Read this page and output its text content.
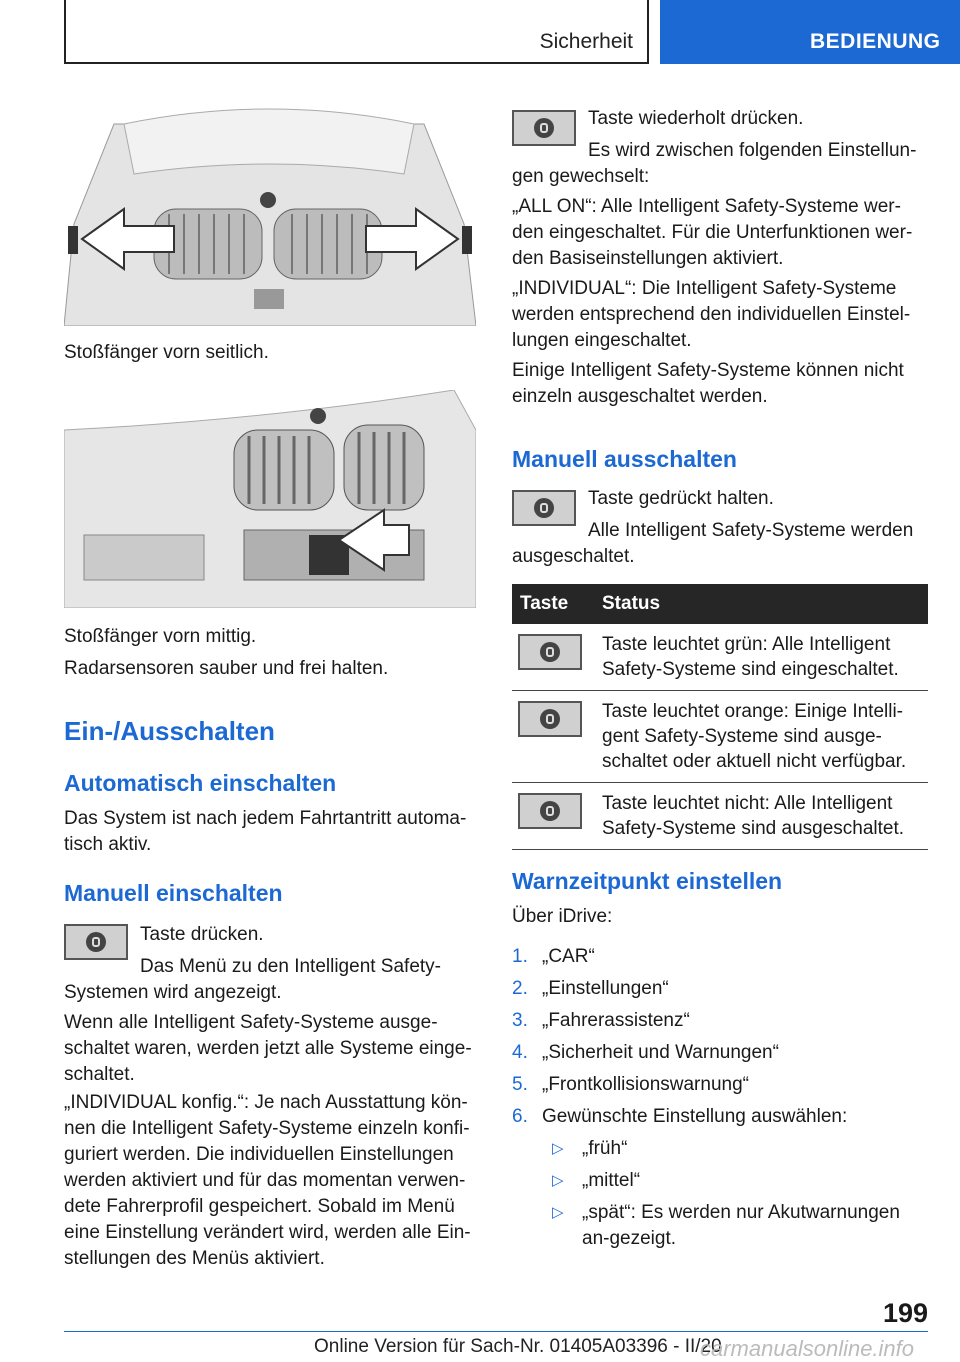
Sicherheit	BEDIENUNG

Stoßfänger vorn seitlich.

Stoßfänger vorn mittig.

Radarsensoren sauber und frei halten.

Ein-/Ausschalten
Automatisch einschalten

Das System ist nach jedem Fahrtantritt automa-tisch aktiv.

Manuell einschalten

Taste drücken.

Das Menü zu den Intelligent Safety-Systemen wird angezeigt.

Wenn alle Intelligent Safety-Systeme ausge-schaltet waren, werden jetzt alle Systeme einge-schaltet.

„INDIVIDUAL konfig.“: Je nach Ausstattung kön-nen die Intelligent Safety-Systeme einzeln konfi-guriert werden. Die individuellen Einstellungen werden aktiviert und für das momentan verwen-dete Fahrerprofil gespeichert. Sobald im Menü eine Einstellung verändert wird, werden alle Ein-stellungen des Menüs aktiviert.

Taste wiederholt drücken.

Es wird zwischen folgenden Einstellun-gen gewechselt:

„ALL ON“: Alle Intelligent Safety-Systeme wer-den eingeschaltet. Für die Unterfunktionen wer-den Basiseinstellungen aktiviert.

„INDIVIDUAL“: Die Intelligent Safety-Systeme werden entsprechend den individuellen Einstel-lungen eingeschaltet.

Einige Intelligent Safety-Systeme können nicht einzeln ausgeschaltet werden.

Manuell ausschalten

Taste gedrückt halten.

Alle Intelligent Safety-Systeme werden ausgeschaltet.

Taste	Status

	Taste leuchtet grün: Alle Intelligent Safety-Systeme sind eingeschaltet.

	Taste leuchtet orange: Einige Intelli-gent Safety-Systeme sind ausge-schaltet oder aktuell nicht verfügbar.

	Taste leuchtet nicht: Alle Intelligent Safety-Systeme sind ausgeschaltet.
Warnzeitpunkt einstellen

Über iDrive:

1. „CAR“
2. „Einstellungen“
3. „Fahrerassistenz“
4. „Sicherheit und Warnungen“
5. „Frontkollisionswarnung“
6. Gewünschte Einstellung auswählen:
▷ „früh“
▷ „mittel“
▷ „spät“: Es werden nur Akutwarnungen an-gezeigt.
199
Online Version für Sach-Nr. 01405A03396 - II/20
carmanualsonline.info
